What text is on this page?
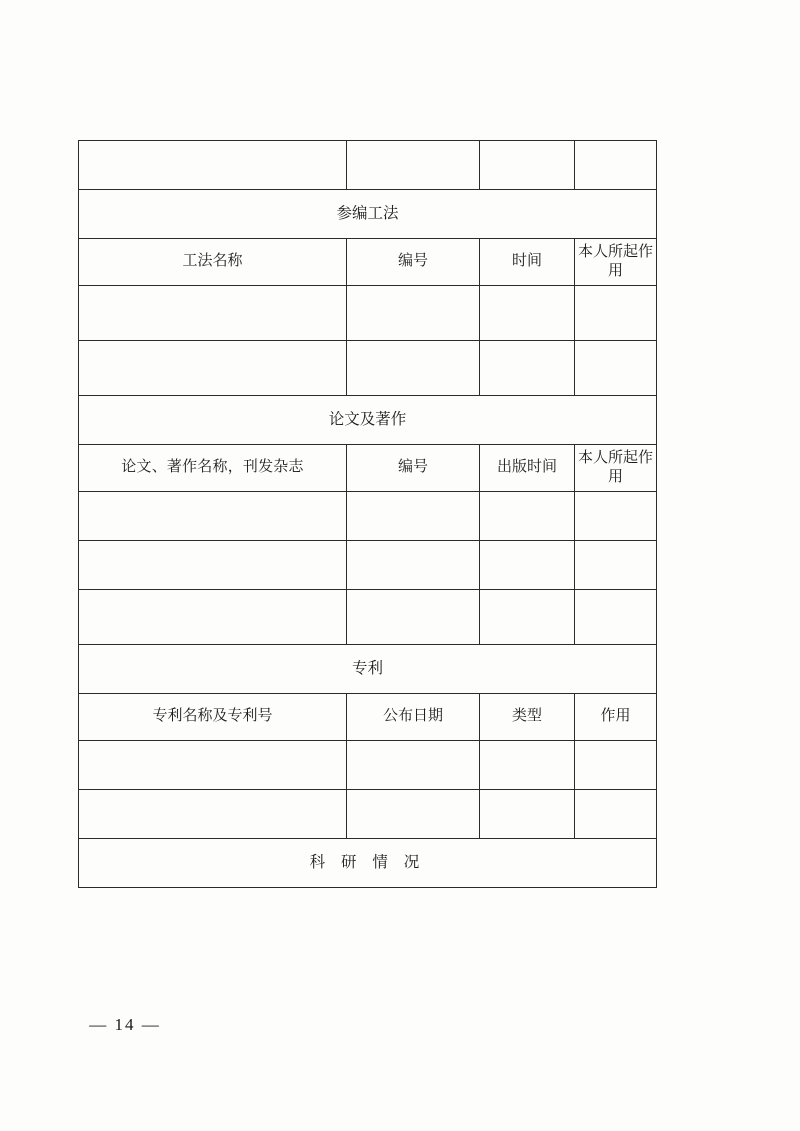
参编工法			
工法名称	编号	时间	本人所起作用

论文及著作			
论文、著作名称，刊发杂志	编号	出版时间	本人所起作用

专利			
专利名称及专利号	公布日期	类型	作用

科 研 情 况			
— 14 —
